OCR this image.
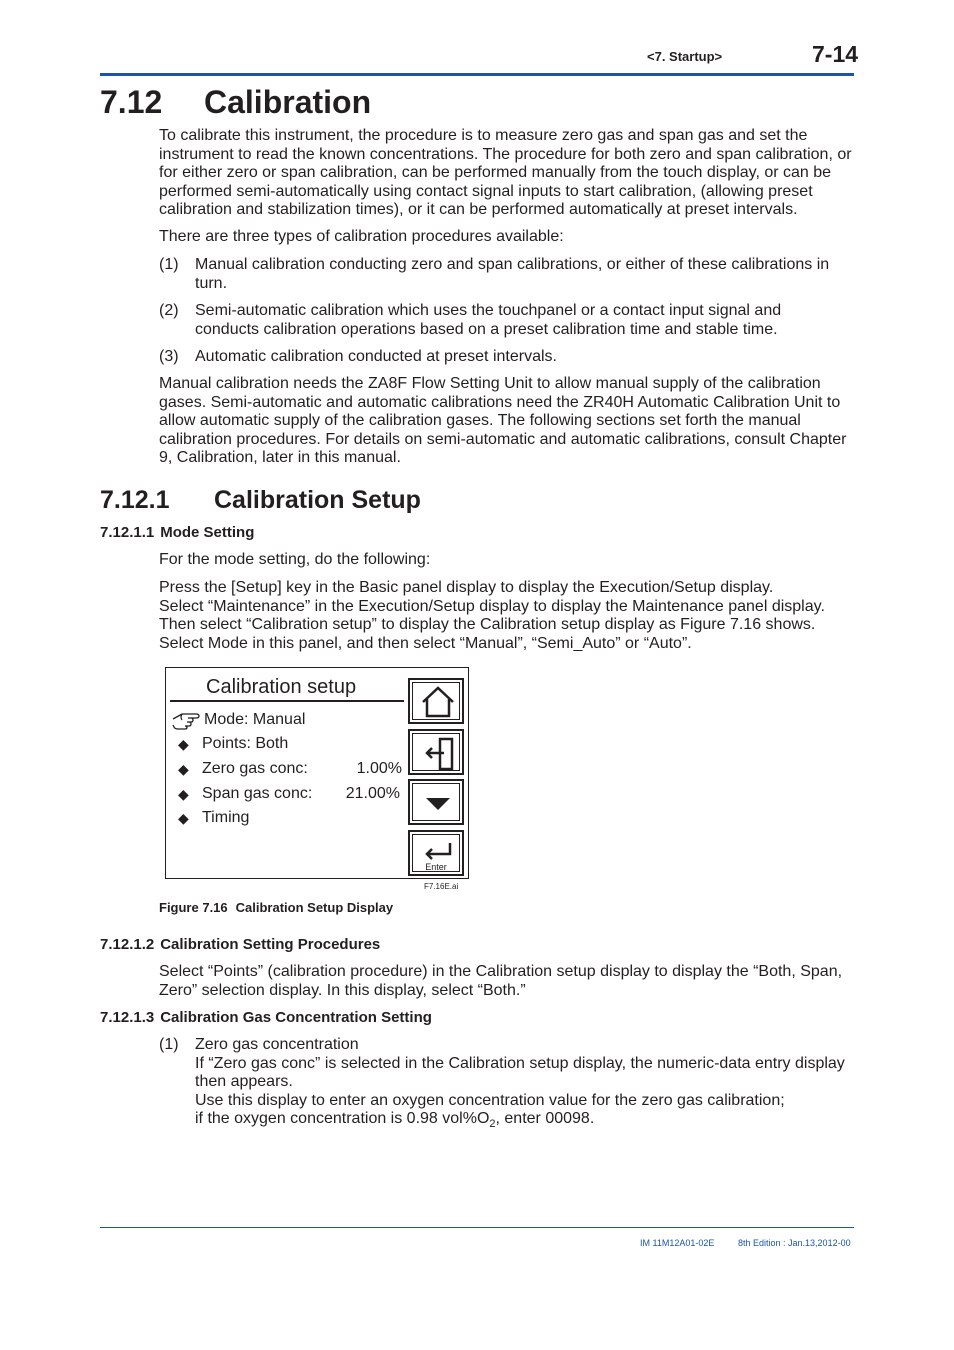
<7. Startup>	7-14
7.12 Calibration

To calibrate this instrument, the procedure is to measure zero gas and span gas and set the instrument to read the known concentrations. The procedure for both zero and span calibration, or for either zero or span calibration, can be performed manually from the touch display, or can be performed semi-automatically using contact signal inputs to start calibration, (allowing preset calibration and stabilization times), or it can be performed automatically at preset intervals.

There are three types of calibration procedures available:

(1) Manual calibration conducting zero and span calibrations, or either of these calibrations in turn.
(2) Semi-automatic calibration which uses the touchpanel or a contact input signal and conducts calibration operations based on a preset calibration time and stable time.
(3) Automatic calibration conducted at preset intervals.

Manual calibration needs the ZA8F Flow Setting Unit to allow manual supply of the calibration gases. Semi-automatic and automatic calibrations need the ZR40H Automatic Calibration Unit to allow automatic supply of the calibration gases. The following sections set forth the manual calibration procedures. For details on semi-automatic and automatic calibrations, consult Chapter 9, Calibration, later in this manual.

7.12.1 Calibration Setup
7.12.1.1 Mode Setting

For the mode setting, do the following:

Press the [Setup] key in the Basic panel display to display the Execution/Setup display.

Select “Maintenance” in the Execution/Setup display to display the Maintenance panel display.

Then select “Calibration setup” to display the Calibration setup display as Figure 7.16 shows.

Select Mode in this panel, and then select “Manual”, “Semi_Auto” or “Auto”.

Calibration setup
Mode: Manual
◆ Points: Both
◆ Zero gas conc:	1.00%
◆ Span gas conc:	21.00%
◆ Timing
Enter
F7.16E.ai
Figure 7.16 Calibration Setup Display
7.12.1.2 Calibration Setting Procedures

Select “Points” (calibration procedure) in the Calibration setup display to display the “Both, Span, Zero” selection display. In this display, select “Both.”

7.12.1.3 Calibration Gas Concentration Setting
(1) Zero gas concentration
If “Zero gas conc” is selected in the Calibration setup display, the numeric-data entry display then appears.
Use this display to enter an oxygen concentration value for the zero gas calibration;
if the oxygen concentration is 0.98 $vol\%O_2$, enter 00098.
IM 11M12A01-02E	8th Edition : Jan.13,2012-00
